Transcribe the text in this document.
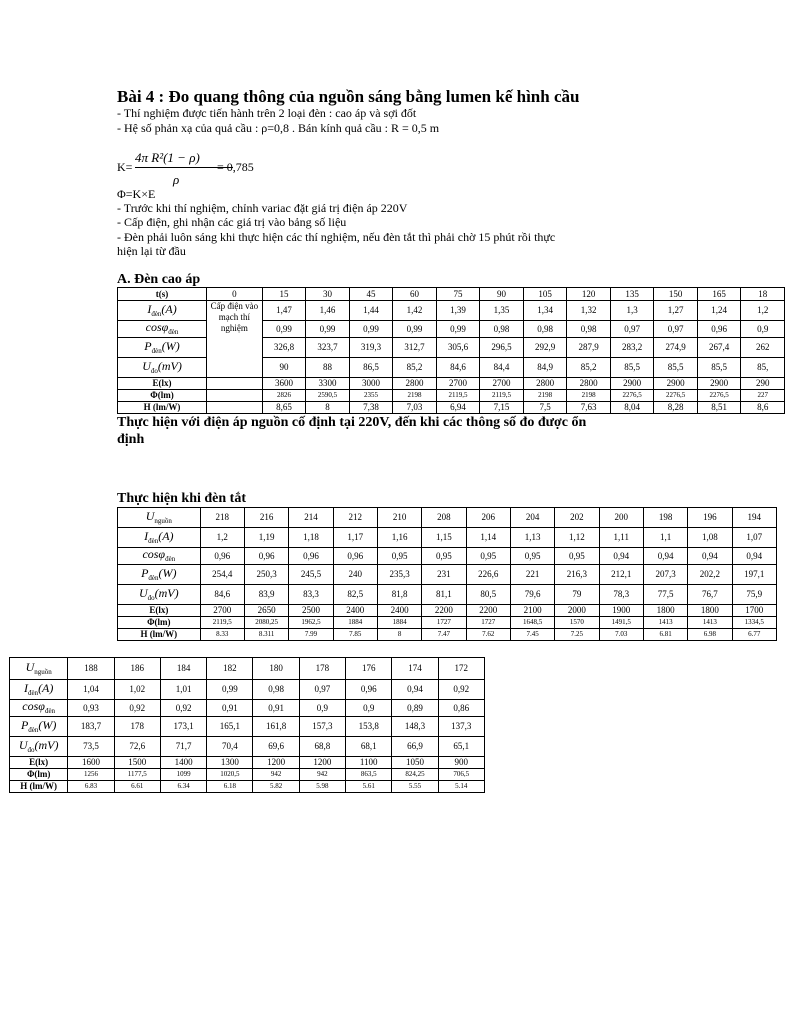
Bài 4 : Đo quang thông của nguồn sáng bằng lumen kế hình cầu
- Thí nghiệm được tiến hành trên 2 loại đèn : cao áp và sợi đốt
- Hệ số phản xạ của quả cầu : ρ=0,8 . Bán kính quả cầu : R = 0,5 m
K=
4π R²(1 − ρ)
ρ
= 0,785
Φ=K×E
- Trước khi thí nghiệm, chỉnh variac đặt giá trị điện áp 220V
- Cấp điện, ghi nhận các giá trị vào bảng số liệu
- Đèn phải luôn sáng khi thực hiện các thí nghiệm, nếu đèn tắt thì phải chờ 15 phút rồi thực
hiện lại từ đầu
A. Đèn cao áp
t(s)	0	15	30	45	60	75	90	105	120	135	150	165	18
$I_{đèn}(A)$	Cấp điện vào mạch thí nghiệm	1,47	1,46	1,44	1,42	1,39	1,35	1,34	1,32	1,3	1,27	1,24	1,2
cosφ$_{đèn}$		0,99	0,99	0,99	0,99	0,99	0,98	0,98	0,98	0,97	0,97	0,96	0,9
$P_{đèn}(W)$		326,8	323,7	319,3	312,7	305,6	296,5	292,9	287,9	283,2	274,9	267,4	262
$U_{đo}(mV)$		90	88	86,5	85,2	84,6	84,4	84,9	85,2	85,5	85,5	85,5	85,
E(lx)		3600	3300	3000	2800	2700	2700	2800	2800	2900	2900	2900	290
Φ(lm)		2826	2590,5	2355	2198	2119,5	2119,5	2198	2198	2276,5	2276,5	2276,5	227
H (lm/W)		8,65	8	7,38	7,03	6,94	7,15	7,5	7,63	8,04	8,28	8,51	8,6
Thực hiện với điện áp nguồn cố định tại 220V, đến khi các thông số đo được ổn
định
Thực hiện khi đèn tắt
$U_{nguồn}$	218	216	214	212	210	208	206	204	202	200	198	196	194
$I_{đèn}(A)$	1,2	1,19	1,18	1,17	1,16	1,15	1,14	1,13	1,12	1,11	1,1	1,08	1,07
cosφ$_{đèn}$	0,96	0,96	0,96	0,96	0,95	0,95	0,95	0,95	0,95	0,94	0,94	0,94	0,94
$P_{đèn}(W)$	254,4	250,3	245,5	240	235,3	231	226,6	221	216,3	212,1	207,3	202,2	197,1
$U_{đo}(mV)$	84,6	83,9	83,3	82,5	81,8	81,1	80,5	79,6	79	78,3	77,5	76,7	75,9
E(lx)	2700	2650	2500	2400	2400	2200	2200	2100	2000	1900	1800	1800	1700
Φ(lm)	2119,5	2080,25	1962,5	1884	1884	1727	1727	1648,5	1570	1491,5	1413	1413	1334,5
H (lm/W)	8.33	8.311	7.99	7.85	8	7.47	7.62	7.45	7.25	7.03	6.81	6.98	6.77
$U_{nguồn}$	188	186	184	182	180	178	176	174	172
$I_{đèn}(A)$	1,04	1,02	1,01	0,99	0,98	0,97	0,96	0,94	0,92
cosφ$_{đèn}$	0,93	0,92	0,92	0,91	0,91	0,9	0,9	0,89	0,86
$P_{đèn}(W)$	183,7	178	173,1	165,1	161,8	157,3	153,8	148,3	137,3
$U_{đo}(mV)$	73,5	72,6	71,7	70,4	69,6	68,8	68,1	66,9	65,1
E(lx)	1600	1500	1400	1300	1200	1200	1100	1050	900
Φ(lm)	1256	1177,5	1099	1020,5	942	942	863,5	824,25	706,5
H (lm/W)	6.83	6.61	6.34	6.18	5.82	5.98	5.61	5.55	5.14
